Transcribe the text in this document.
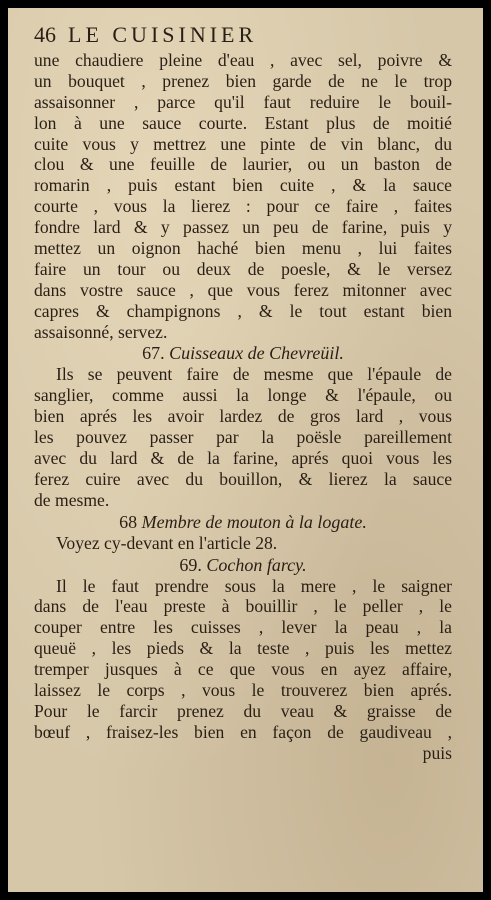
46 LE CUISINIER
une chaudiere pleine d'eau , avec sel, poivre &
un bouquet , prenez bien garde de ne le trop
assaisonner , parce qu'il faut reduire le bouil-
lon à une sauce courte. Estant plus de moitié
cuite vous y mettrez une pinte de vin blanc, du
clou & une feuille de laurier, ou un baston de
romarin , puis estant bien cuite , & la sauce
courte , vous la lierez : pour ce faire , faites
fondre lard & y passez un peu de farine, puis y
mettez un oignon haché bien menu , lui faites
faire un tour ou deux de poesle, & le versez
dans vostre sauce , que vous ferez mitonner avec
capres & champignons , & le tout estant bien
assaisonné, servez.
67. Cuisseaux de Chevreüil.
Ils se peuvent faire de mesme que l'épaule de
sanglier, comme aussi la longe & l'épaule, ou
bien aprés les avoir lardez de gros lard , vous
les pouvez passer par la poësle pareillement
avec du lard & de la farine, aprés quoi vous les
ferez cuire avec du bouillon, & lierez la sauce
de mesme.
68 Membre de mouton à la logate.
Voyez cy-devant en l'article 28.
69. Cochon farcy.
Il le faut prendre sous la mere , le saigner
dans de l'eau preste à bouillir , le peller , le
couper entre les cuisses , lever la peau , la
queuë , les pieds & la teste , puis les mettez
tremper jusques à ce que vous en ayez affaire,
laissez le corps , vous le trouverez bien aprés.
Pour le farcir prenez du veau & graisse de
bœuf , fraisez-les bien en façon de gaudiveau ,
puis
